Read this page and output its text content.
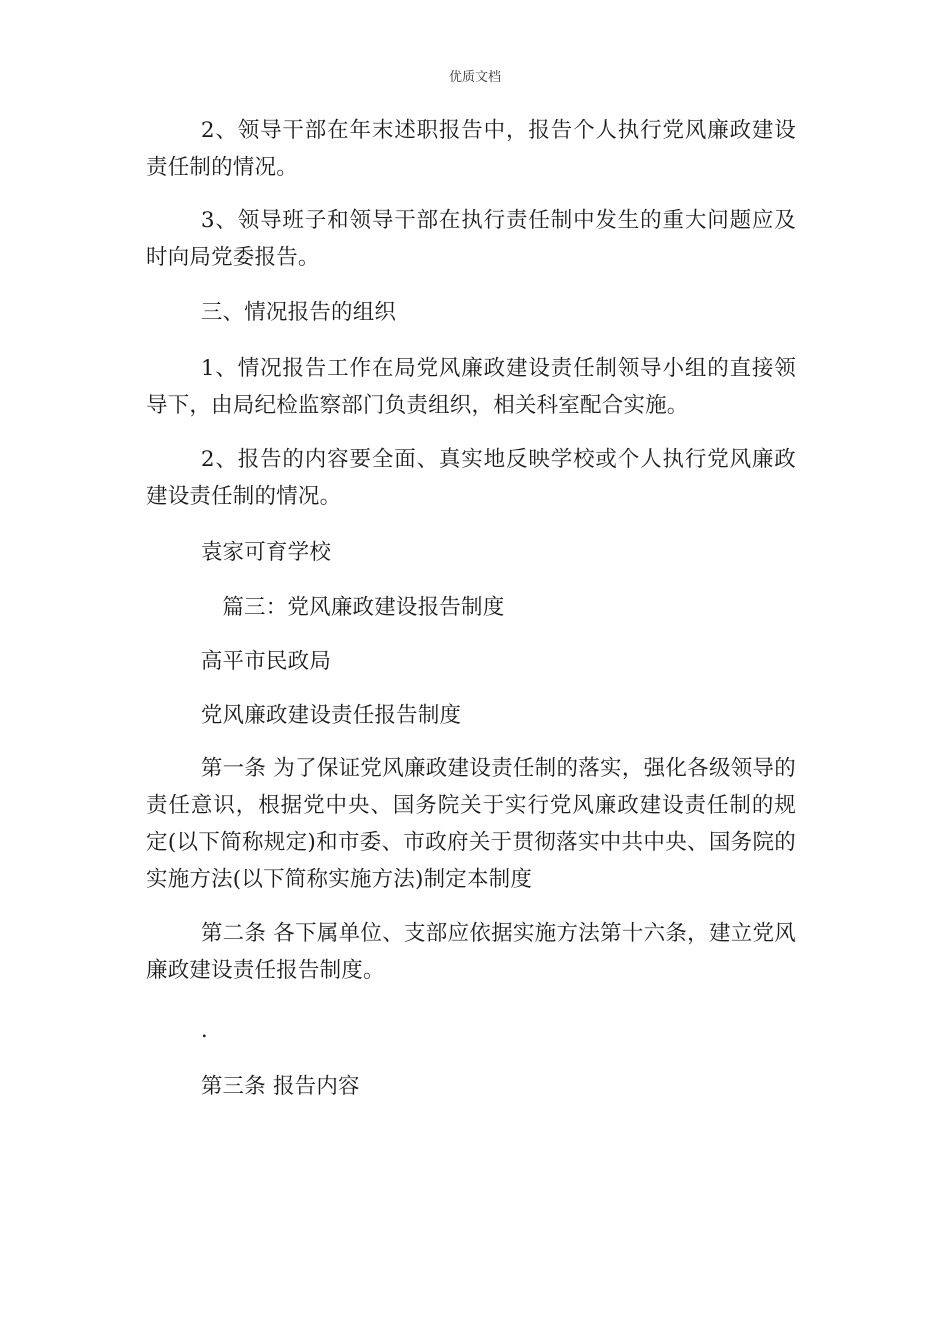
优质文档

2、领导干部在年末述职报告中，报告个人执行党风廉政建设责任制的情况。

3、领导班子和领导干部在执行责任制中发生的重大问题应及时向局党委报告。

三、情况报告的组织

1、情况报告工作在局党风廉政建设责任制领导小组的直接领导下，由局纪检监察部门负责组织，相关科室配合实施。

2、报告的内容要全面、真实地反映学校或个人执行党风廉政建设责任制的情况。

袁家可育学校

篇三：党风廉政建设报告制度

高平市民政局

党风廉政建设责任报告制度

第一条 为了保证党风廉政建设责任制的落实，强化各级领导的责任意识，根据党中央、国务院关于实行党风廉政建设责任制的规定(以下简称规定)和市委、市政府关于贯彻落实中共中央、国务院的实施方法(以下简称实施方法)制定本制度

第二条 各下属单位、支部应依据实施方法第十六条，建立党风廉政建设责任报告制度。

.

第三条 报告内容
